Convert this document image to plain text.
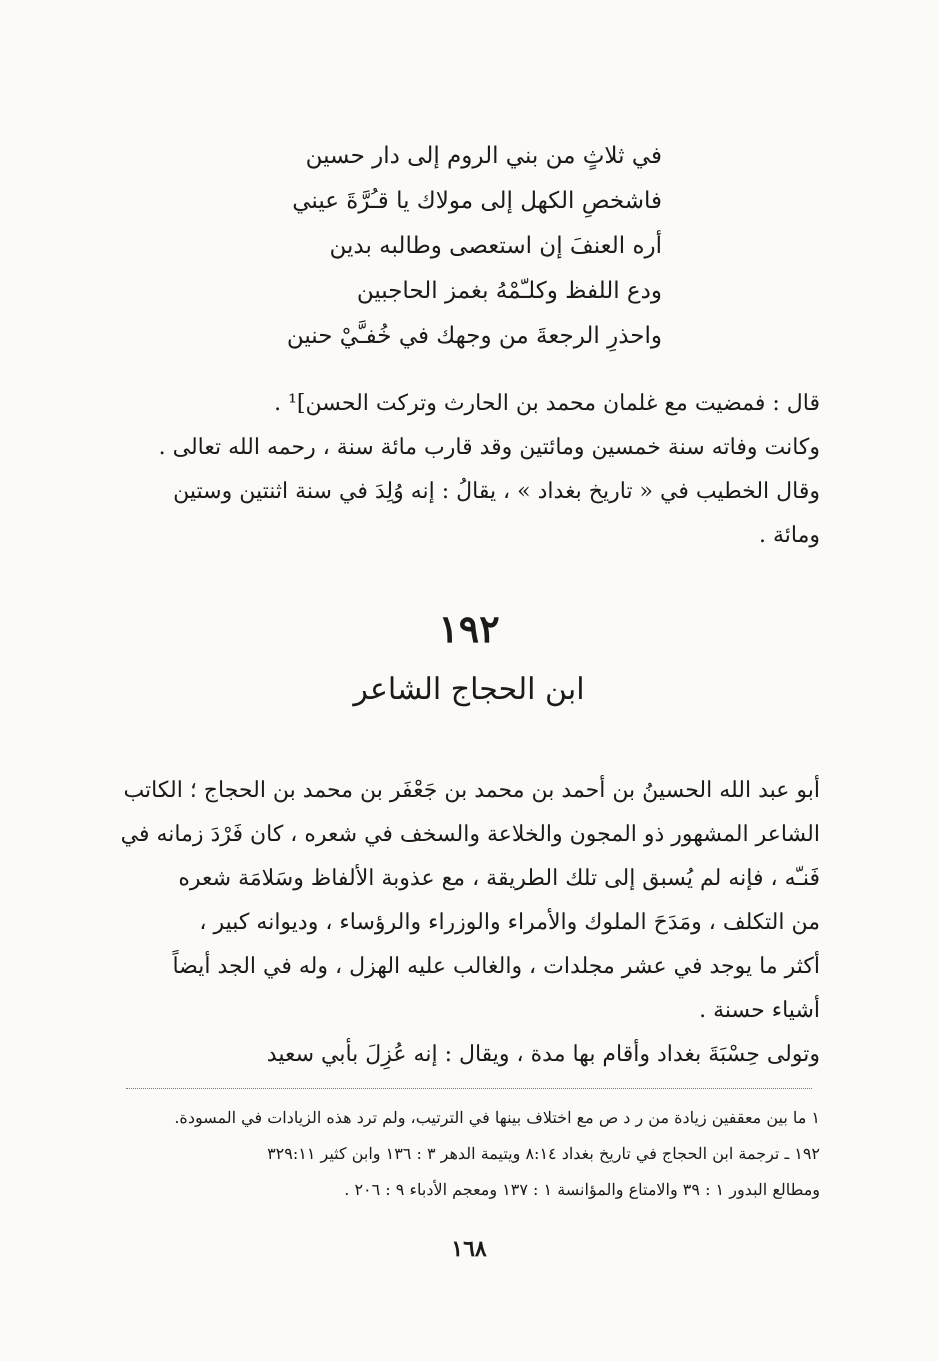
في ثلاثٍ من بني الروم إلى دار حسين
فاشخصِ الكهل إلى مولاك يا قـُرَّةَ عيني
أره العنفَ إن استعصى وطالبه بدين
ودع اللفظ وكلـّمْهُ بغمز الحاجبين
واحذرِ الرجعةَ من وجهك في خُفـَّيْ حنين
قال : فمضيت مع غلمان محمد بن الحارث وتركت الحسن]¹ .
وكانت وفاته سنة خمسين ومائتين وقد قارب مائة سنة ، رحمه الله تعالى .
وقال الخطيب في « تاريخ بغداد » ، يقالُ : إنه وُلِدَ في سنة اثنتين وستين
ومائة .
١٩٢
ابن الحجاج الشاعر
أبو عبد الله الحسينُ بن أحمد بن محمد بن جَعْفَر بن محمد بن الحجاج ؛ الكاتب
الشاعر المشهور ذو المجون والخلاعة والسخف في شعره ، كان فَرْدَ زمانه في
فَنـّه ، فإنه لم يُسبق إلى تلك الطريقة ، مع عذوبة الألفاظ وسَلامَة شعره
من التكلف ، ومَدَحَ الملوك والأمراء والوزراء والرؤساء ، وديوانه كبير ،
أكثر ما يوجد في عشر مجلدات ، والغالب عليه الهزل ، وله في الجد أيضاً
أشياء حسنة .
وتولى حِسْبَةَ بغداد وأقام بها مدة ، ويقال : إنه عُزِلَ بأبي سعيد
١ ما بين معقفين زيادة من ر د ص مع اختلاف بينها في الترتيب، ولم ترد هذه الزيادات في المسودة.
١٩٢ ـ ترجمة ابن الحجاج في تاريخ بغداد ٨:١٤ ويتيمة الدهر ٣ : ١٣٦ وابن كثير ٣٢٩:١١
ومطالع البدور ١ : ٣٩ والامتاع والمؤانسة ١ : ١٣٧ ومعجم الأدباء ٩ : ٢٠٦ .
١٦٨
